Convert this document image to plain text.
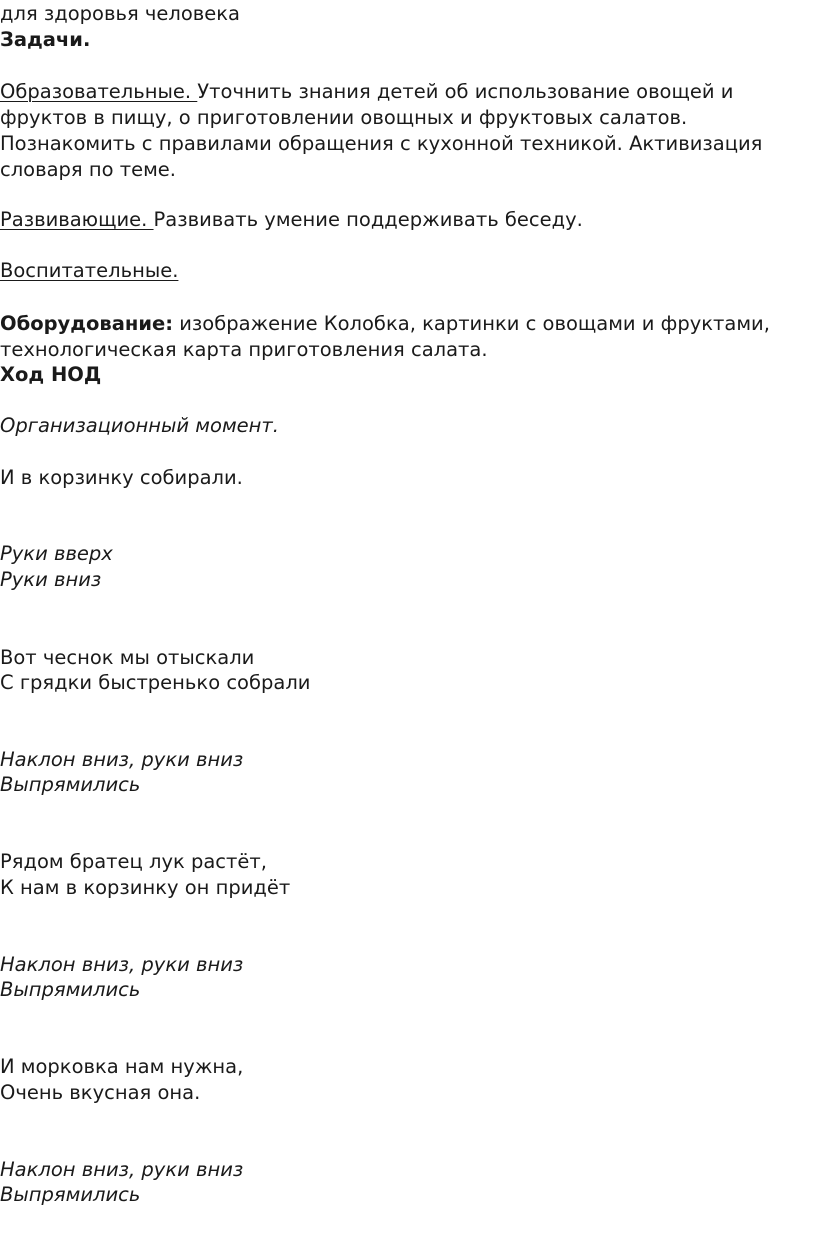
для здоровья человека
Задачи.
Образовательные. Уточнить знания детей об использование овощей и
фруктов в пищу, о приготовлении овощных и фруктовых салатов.
Познакомить с правилами обращения с кухонной техникой. Активизация
словаря по теме.
Развивающие. Развивать умение поддерживать беседу.
Воспитательные.
Оборудование: изображение Колобка, картинки с овощами и фруктами,
технологическая карта приготовления салата.
Ход НОД
Организационный момент.
И в корзинку собирали.
Руки вверх
Руки вниз
Вот чеснок мы отыскали
С грядки быстренько собрали
Наклон вниз, руки вниз
Выпрямились
Рядом братец лук растёт,
К нам в корзинку он придёт
Наклон вниз, руки вниз
Выпрямились
И морковка нам нужна,
Очень вкусная она.
Наклон вниз, руки вниз
Выпрямились
